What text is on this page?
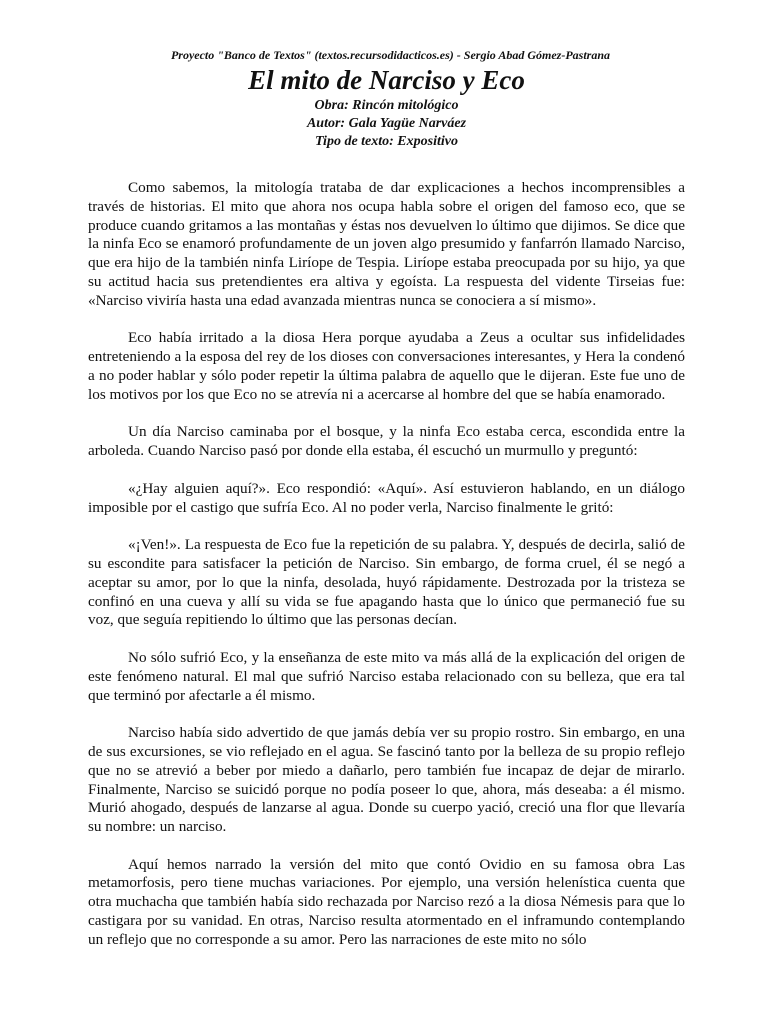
Proyecto "Banco de Textos" (textos.recursodidacticos.es) - Sergio Abad Gómez-Pastrana

El mito de Narciso y Eco

Obra: Rincón mitológico

Autor: Gala Yagüe Narváez

Tipo de texto: Expositivo

Como sabemos, la mitología trataba de dar explicaciones a hechos incomprensibles a través de historias. El mito que ahora nos ocupa habla sobre el origen del famoso eco, que se produce cuando gritamos a las montañas y éstas nos devuelven lo último que dijimos. Se dice que la ninfa Eco se enamoró profundamente de un joven algo presumido y fanfarrón llamado Narciso, que era hijo de la también ninfa Liríope de Tespia. Liríope estaba preocupada por su hijo, ya que su actitud hacia sus pretendientes era altiva y egoísta. La respuesta del vidente Tirseias fue: «Narciso viviría hasta una edad avanzada mientras nunca se conociera a sí mismo».

Eco había irritado a la diosa Hera porque ayudaba a Zeus a ocultar sus infidelidades entreteniendo a la esposa del rey de los dioses con conversaciones interesantes, y Hera la condenó a no poder hablar y sólo poder repetir la última palabra de aquello que le dijeran. Este fue uno de los motivos por los que Eco no se atrevía ni a acercarse al hombre del que se había enamorado.

Un día Narciso caminaba por el bosque, y la ninfa Eco estaba cerca, escondida entre la arboleda. Cuando Narciso pasó por donde ella estaba, él escuchó un murmullo y preguntó:

«¿Hay alguien aquí?». Eco respondió: «Aquí». Así estuvieron hablando, en un diálogo imposible por el castigo que sufría Eco. Al no poder verla, Narciso finalmente le gritó:

«¡Ven!». La respuesta de Eco fue la repetición de su palabra. Y, después de decirla, salió de su escondite para satisfacer la petición de Narciso. Sin embargo, de forma cruel, él se negó a aceptar su amor, por lo que la ninfa, desolada, huyó rápidamente. Destrozada por la tristeza se confinó en una cueva y allí su vida se fue apagando hasta que lo único que permaneció fue su voz, que seguía repitiendo lo último que las personas decían.

No sólo sufrió Eco, y la enseñanza de este mito va más allá de la explicación del origen de este fenómeno natural. El mal que sufrió Narciso estaba relacionado con su belleza, que era tal que terminó por afectarle a él mismo.

Narciso había sido advertido de que jamás debía ver su propio rostro. Sin embargo, en una de sus excursiones, se vio reflejado en el agua. Se fascinó tanto por la belleza de su propio reflejo que no se atrevió a beber por miedo a dañarlo, pero también fue incapaz de dejar de mirarlo. Finalmente, Narciso se suicidó porque no podía poseer lo que, ahora, más deseaba: a él mismo. Murió ahogado, después de lanzarse al agua. Donde su cuerpo yació, creció una flor que llevaría su nombre: un narciso.

Aquí hemos narrado la versión del mito que contó Ovidio en su famosa obra Las metamorfosis, pero tiene muchas variaciones. Por ejemplo, una versión helenística cuenta que otra muchacha que también había sido rechazada por Narciso rezó a la diosa Némesis para que lo castigara por su vanidad. En otras, Narciso resulta atormentado en el inframundo contemplando un reflejo que no corresponde a su amor. Pero las narraciones de este mito no sólo
